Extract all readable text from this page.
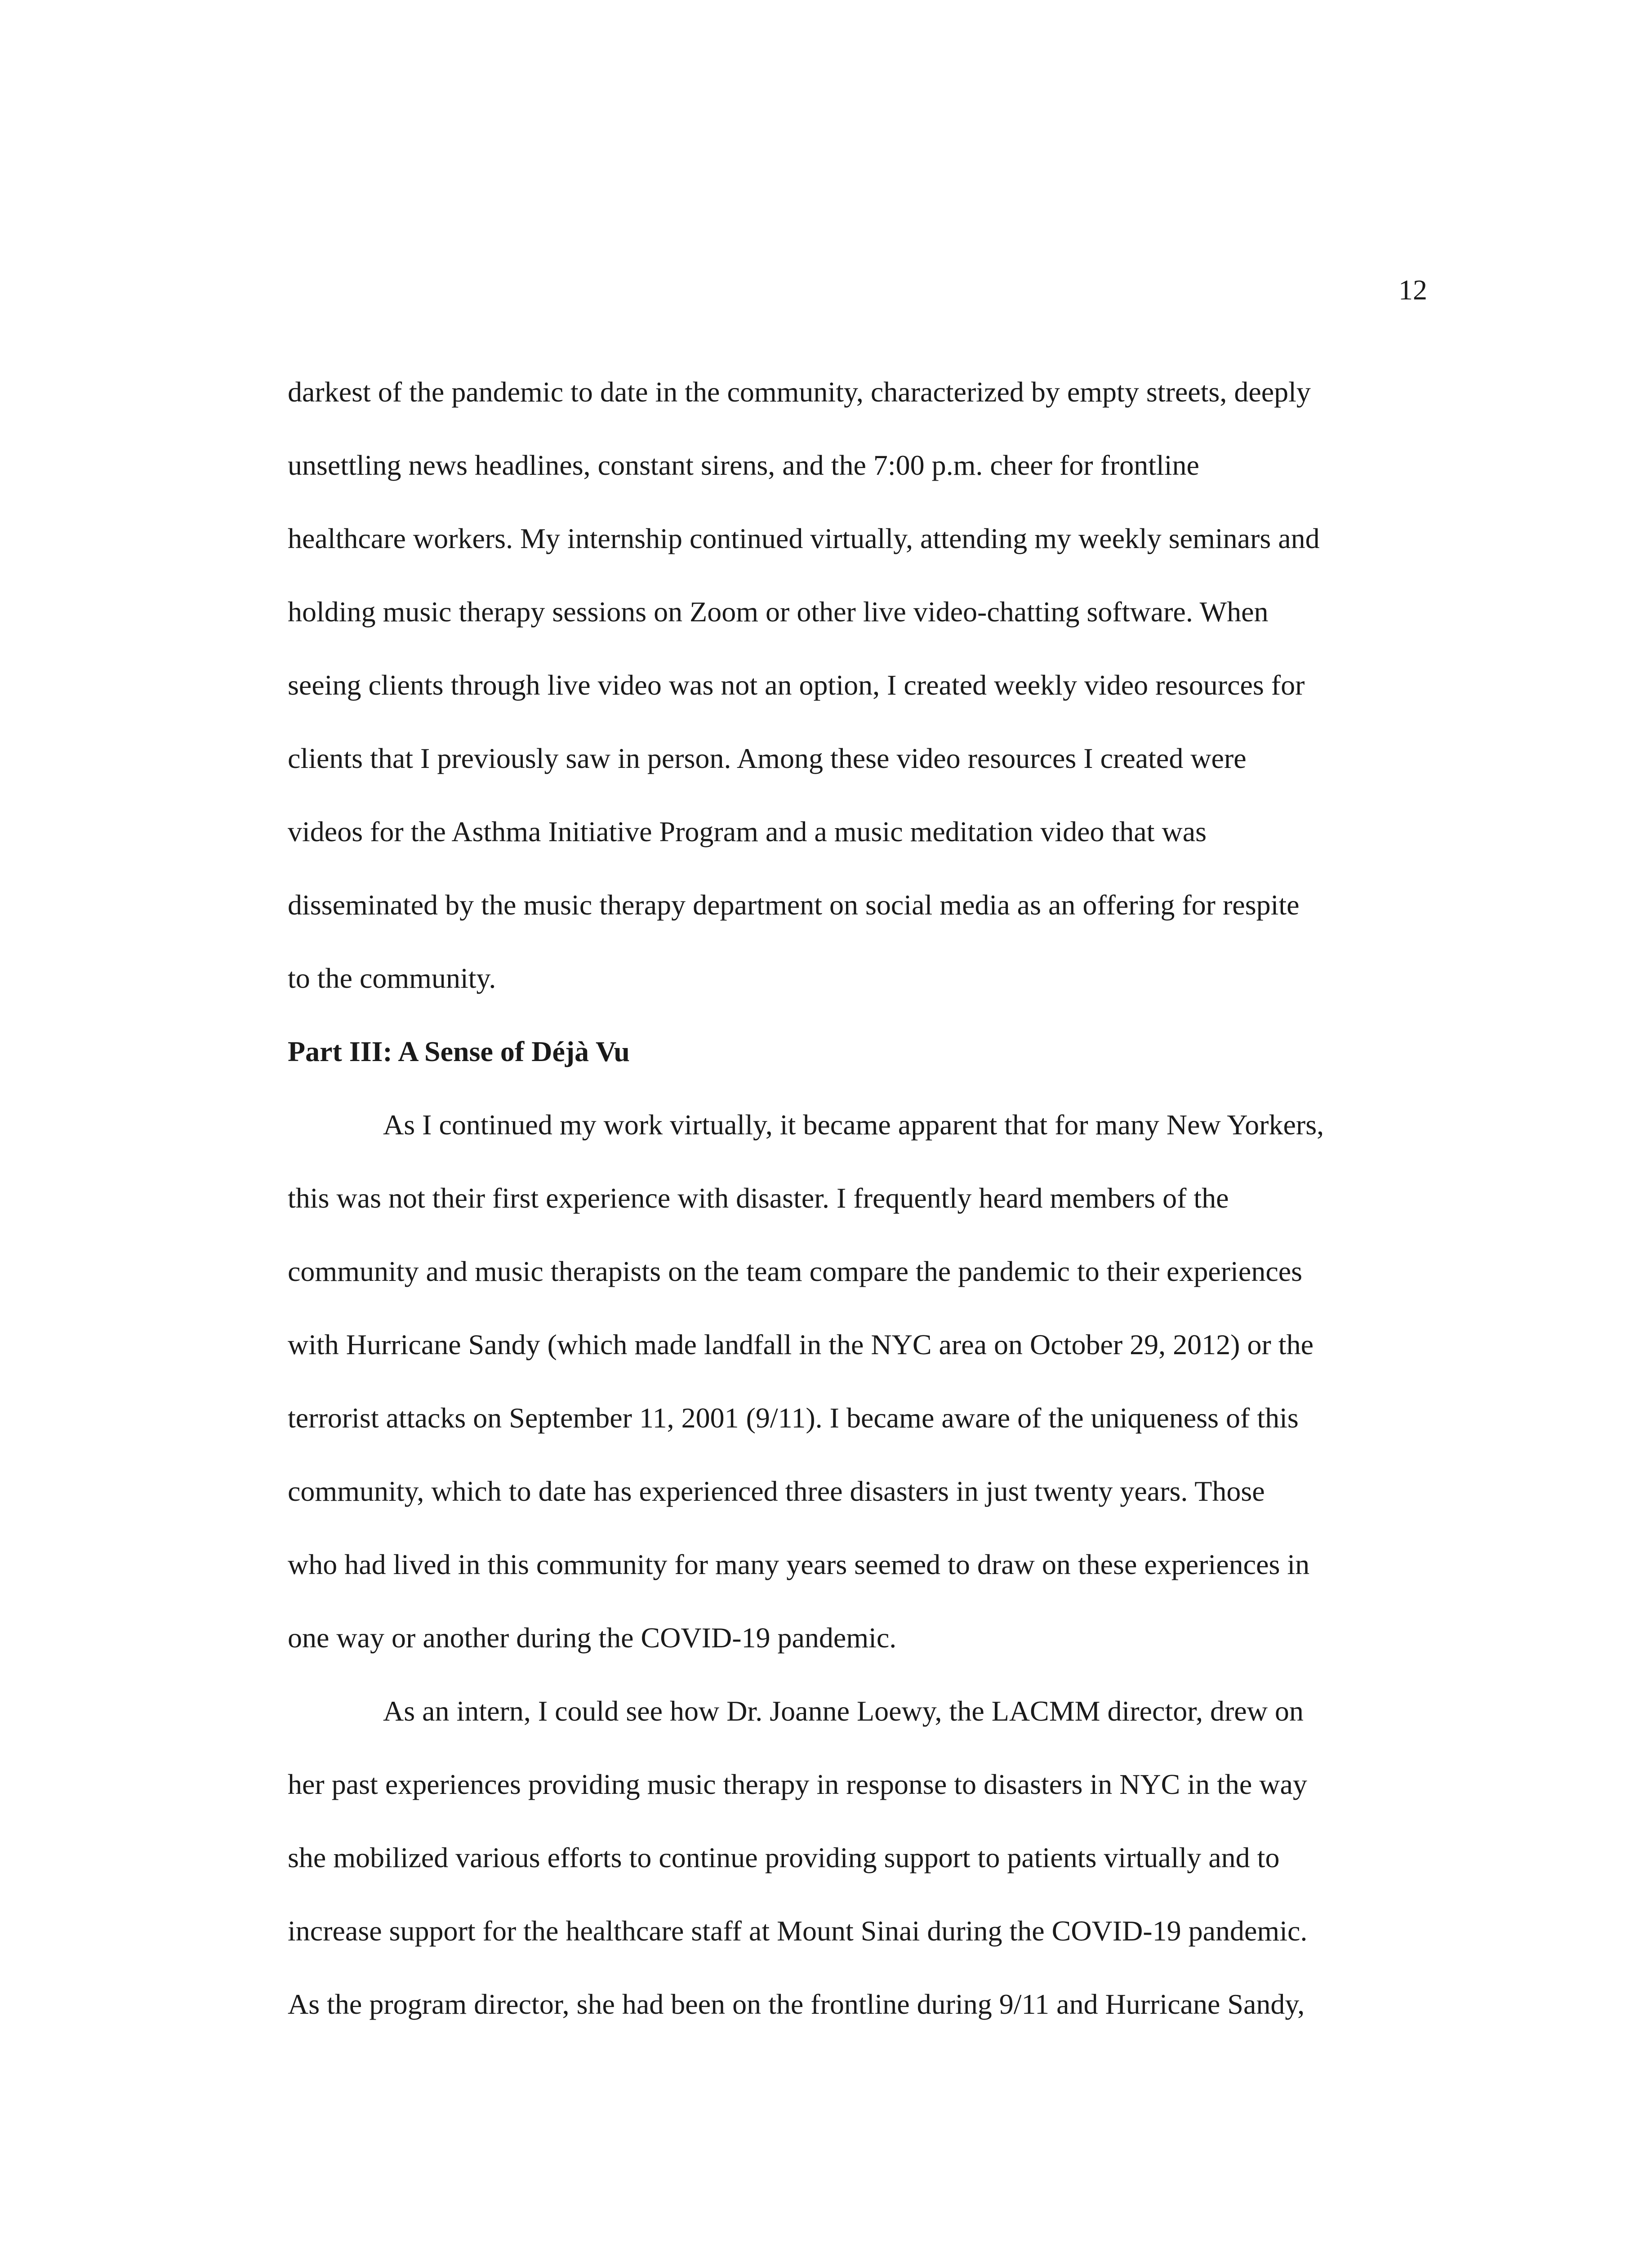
12
darkest of the pandemic to date in the community, characterized by empty streets, deeply
unsettling news headlines, constant sirens, and the 7:00 p.m. cheer for frontline
healthcare workers. My internship continued virtually, attending my weekly seminars and
holding music therapy sessions on Zoom or other live video-chatting software. When
seeing clients through live video was not an option, I created weekly video resources for
clients that I previously saw in person. Among these video resources I created were
videos for the Asthma Initiative Program and a music meditation video that was
disseminated by the music therapy department on social media as an offering for respite
to the community.
Part III: A Sense of Déjà Vu
As I continued my work virtually, it became apparent that for many New Yorkers,
this was not their first experience with disaster. I frequently heard members of the
community and music therapists on the team compare the pandemic to their experiences
with Hurricane Sandy (which made landfall in the NYC area on October 29, 2012) or the
terrorist attacks on September 11, 2001 (9/11). I became aware of the uniqueness of this
community, which to date has experienced three disasters in just twenty years. Those
who had lived in this community for many years seemed to draw on these experiences in
one way or another during the COVID-19 pandemic.
As an intern, I could see how Dr. Joanne Loewy, the LACMM director, drew on
her past experiences providing music therapy in response to disasters in NYC in the way
she mobilized various efforts to continue providing support to patients virtually and to
increase support for the healthcare staff at Mount Sinai during the COVID-19 pandemic.
As the program director, she had been on the frontline during 9/11 and Hurricane Sandy,
